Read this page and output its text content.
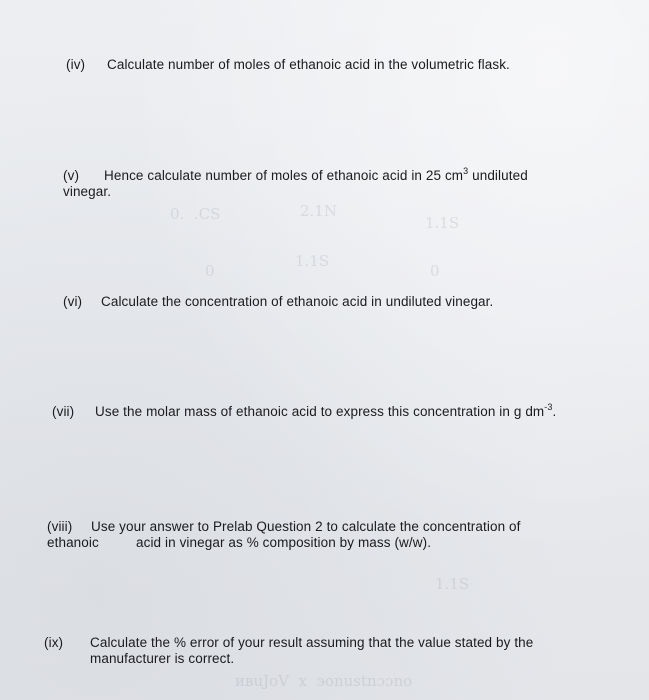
0.  .CS	2.1N
1.1S
0
1.1S
0
1.1S
ивuJoV  x  эonustnɔɔno
(iv) Calculate number of moles of ethanoic acid in the volumetric flask.
(v) Hence calculate number of moles of ethanoic acid in 25 $cm^3$ undiluted
vinegar.
(vi) Calculate the concentration of ethanoic acid in undiluted vinegar.
(vii) Use the molar mass of ethanoic acid to express this concentration in g $dm^{-3}$.
(viii) Use your answer to Prelab Question 2 to calculate the concentration of
ethanoic	acid in vinegar as % composition by mass (w/w).
(ix) Calculate the % error of your result assuming that the value stated by the
manufacturer is correct.
